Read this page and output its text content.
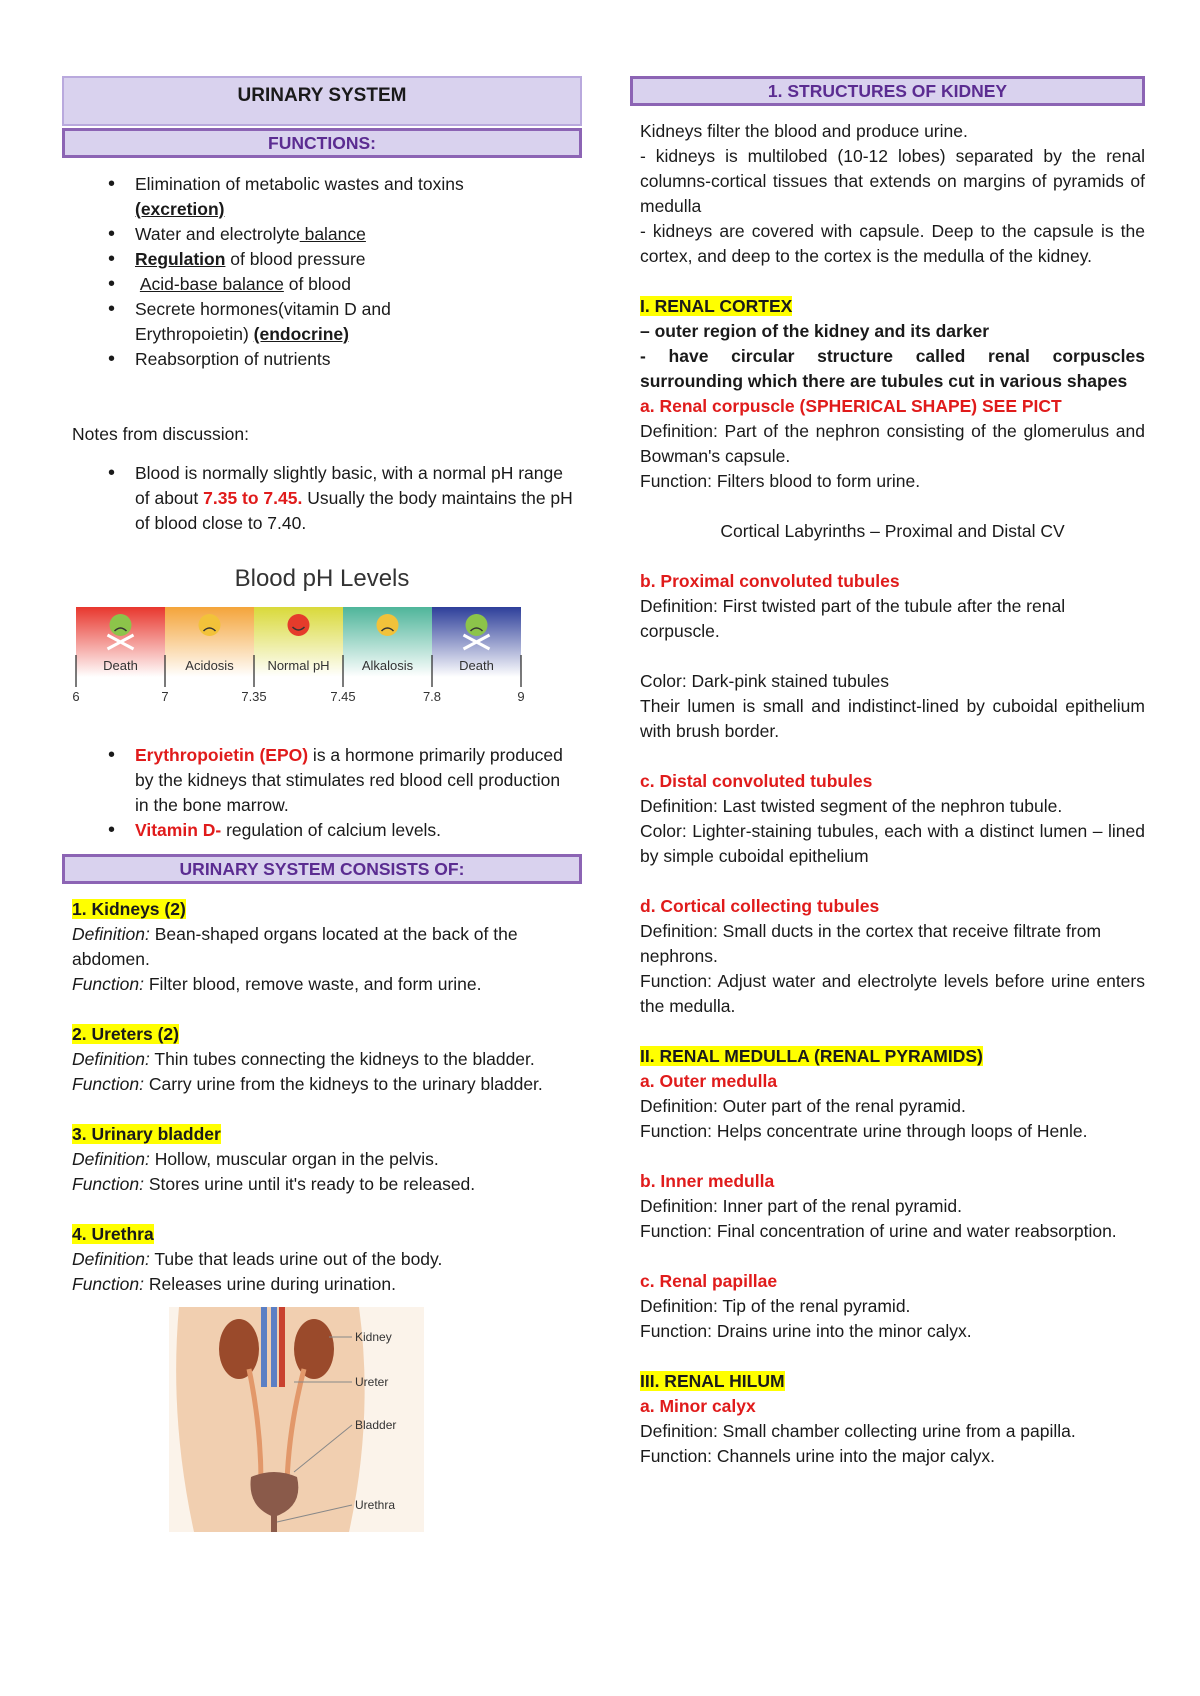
URINARY SYSTEM
FUNCTIONS:
• Elimination of metabolic wastes and toxins
(excretion)
• Water and electrolyte balance
• Regulation of blood pressure
• Acid-base balance of blood
• Secrete hormones(vitamin D and
Erythropoietin) (endocrine)
• Reabsorption of nutrients

Notes from discussion:

• Blood is normally slightly basic, with a normal pH range of about 7.35 to 7.45. Usually the body maintains the pH of blood close to 7.40.
Blood pH Levels
Death	Acidosis	Normal pH Alkalosis	Death
6	7	7.35	7.45	7.8	9
• Erythropoietin (EPO) is a hormone primarily produced by the kidneys that stimulates red blood cell production in the bone marrow.
• Vitamin D- regulation of calcium levels.
URINARY SYSTEM CONSISTS OF:

1. Kidneys (2)

Definition: Bean-shaped organs located at the back of the abdomen.

Function: Filter blood, remove waste, and form urine.

2. Ureters (2)

Definition: Thin tubes connecting the kidneys to the bladder.

Function: Carry urine from the kidneys to the urinary bladder.

3. Urinary bladder

Definition: Hollow, muscular organ in the pelvis.

Function: Stores urine until it's ready to be released.

4. Urethra

Definition: Tube that leads urine out of the body.

Function: Releases urine during urination.

Kidney
Ureter
Bladder
Urethra
1. STRUCTURES OF KIDNEY

Kidneys filter the blood and produce urine.

- kidneys is multilobed (10-12 lobes) separated by the renal columns-cortical tissues that extends on margins of pyramids of medulla

- kidneys are covered with capsule. Deep to the capsule is the cortex, and deep to the cortex is the medulla of the kidney.

I. RENAL CORTEX

– outer region of the kidney and its darker

- have circular structure called renal corpuscles surrounding which there are tubules cut in various shapes

a. Renal corpuscle (SPHERICAL SHAPE) SEE PICT

Definition: Part of the nephron consisting of the glomerulus and Bowman's capsule.

Function: Filters blood to form urine.

Cortical Labyrinths – Proximal and Distal CV

b. Proximal convoluted tubules

Definition: First twisted part of the tubule after the renal corpuscle.

Color: Dark-pink stained tubules

Their lumen is small and indistinct-lined by cuboidal epithelium with brush border.

c. Distal convoluted tubules

Definition: Last twisted segment of the nephron tubule.

Color: Lighter-staining tubules, each with a distinct lumen – lined by simple cuboidal epithelium

d. Cortical collecting tubules

Definition: Small ducts in the cortex that receive filtrate from nephrons.

Function: Adjust water and electrolyte levels before urine enters the medulla.

II. RENAL MEDULLA (RENAL PYRAMIDS)

a. Outer medulla

Definition: Outer part of the renal pyramid.

Function: Helps concentrate urine through loops of Henle.

b. Inner medulla

Definition: Inner part of the renal pyramid.

Function: Final concentration of urine and water reabsorption.

c. Renal papillae

Definition: Tip of the renal pyramid.

Function: Drains urine into the minor calyx.

III. RENAL HILUM

a. Minor calyx

Definition: Small chamber collecting urine from a papilla.

Function: Channels urine into the major calyx.
